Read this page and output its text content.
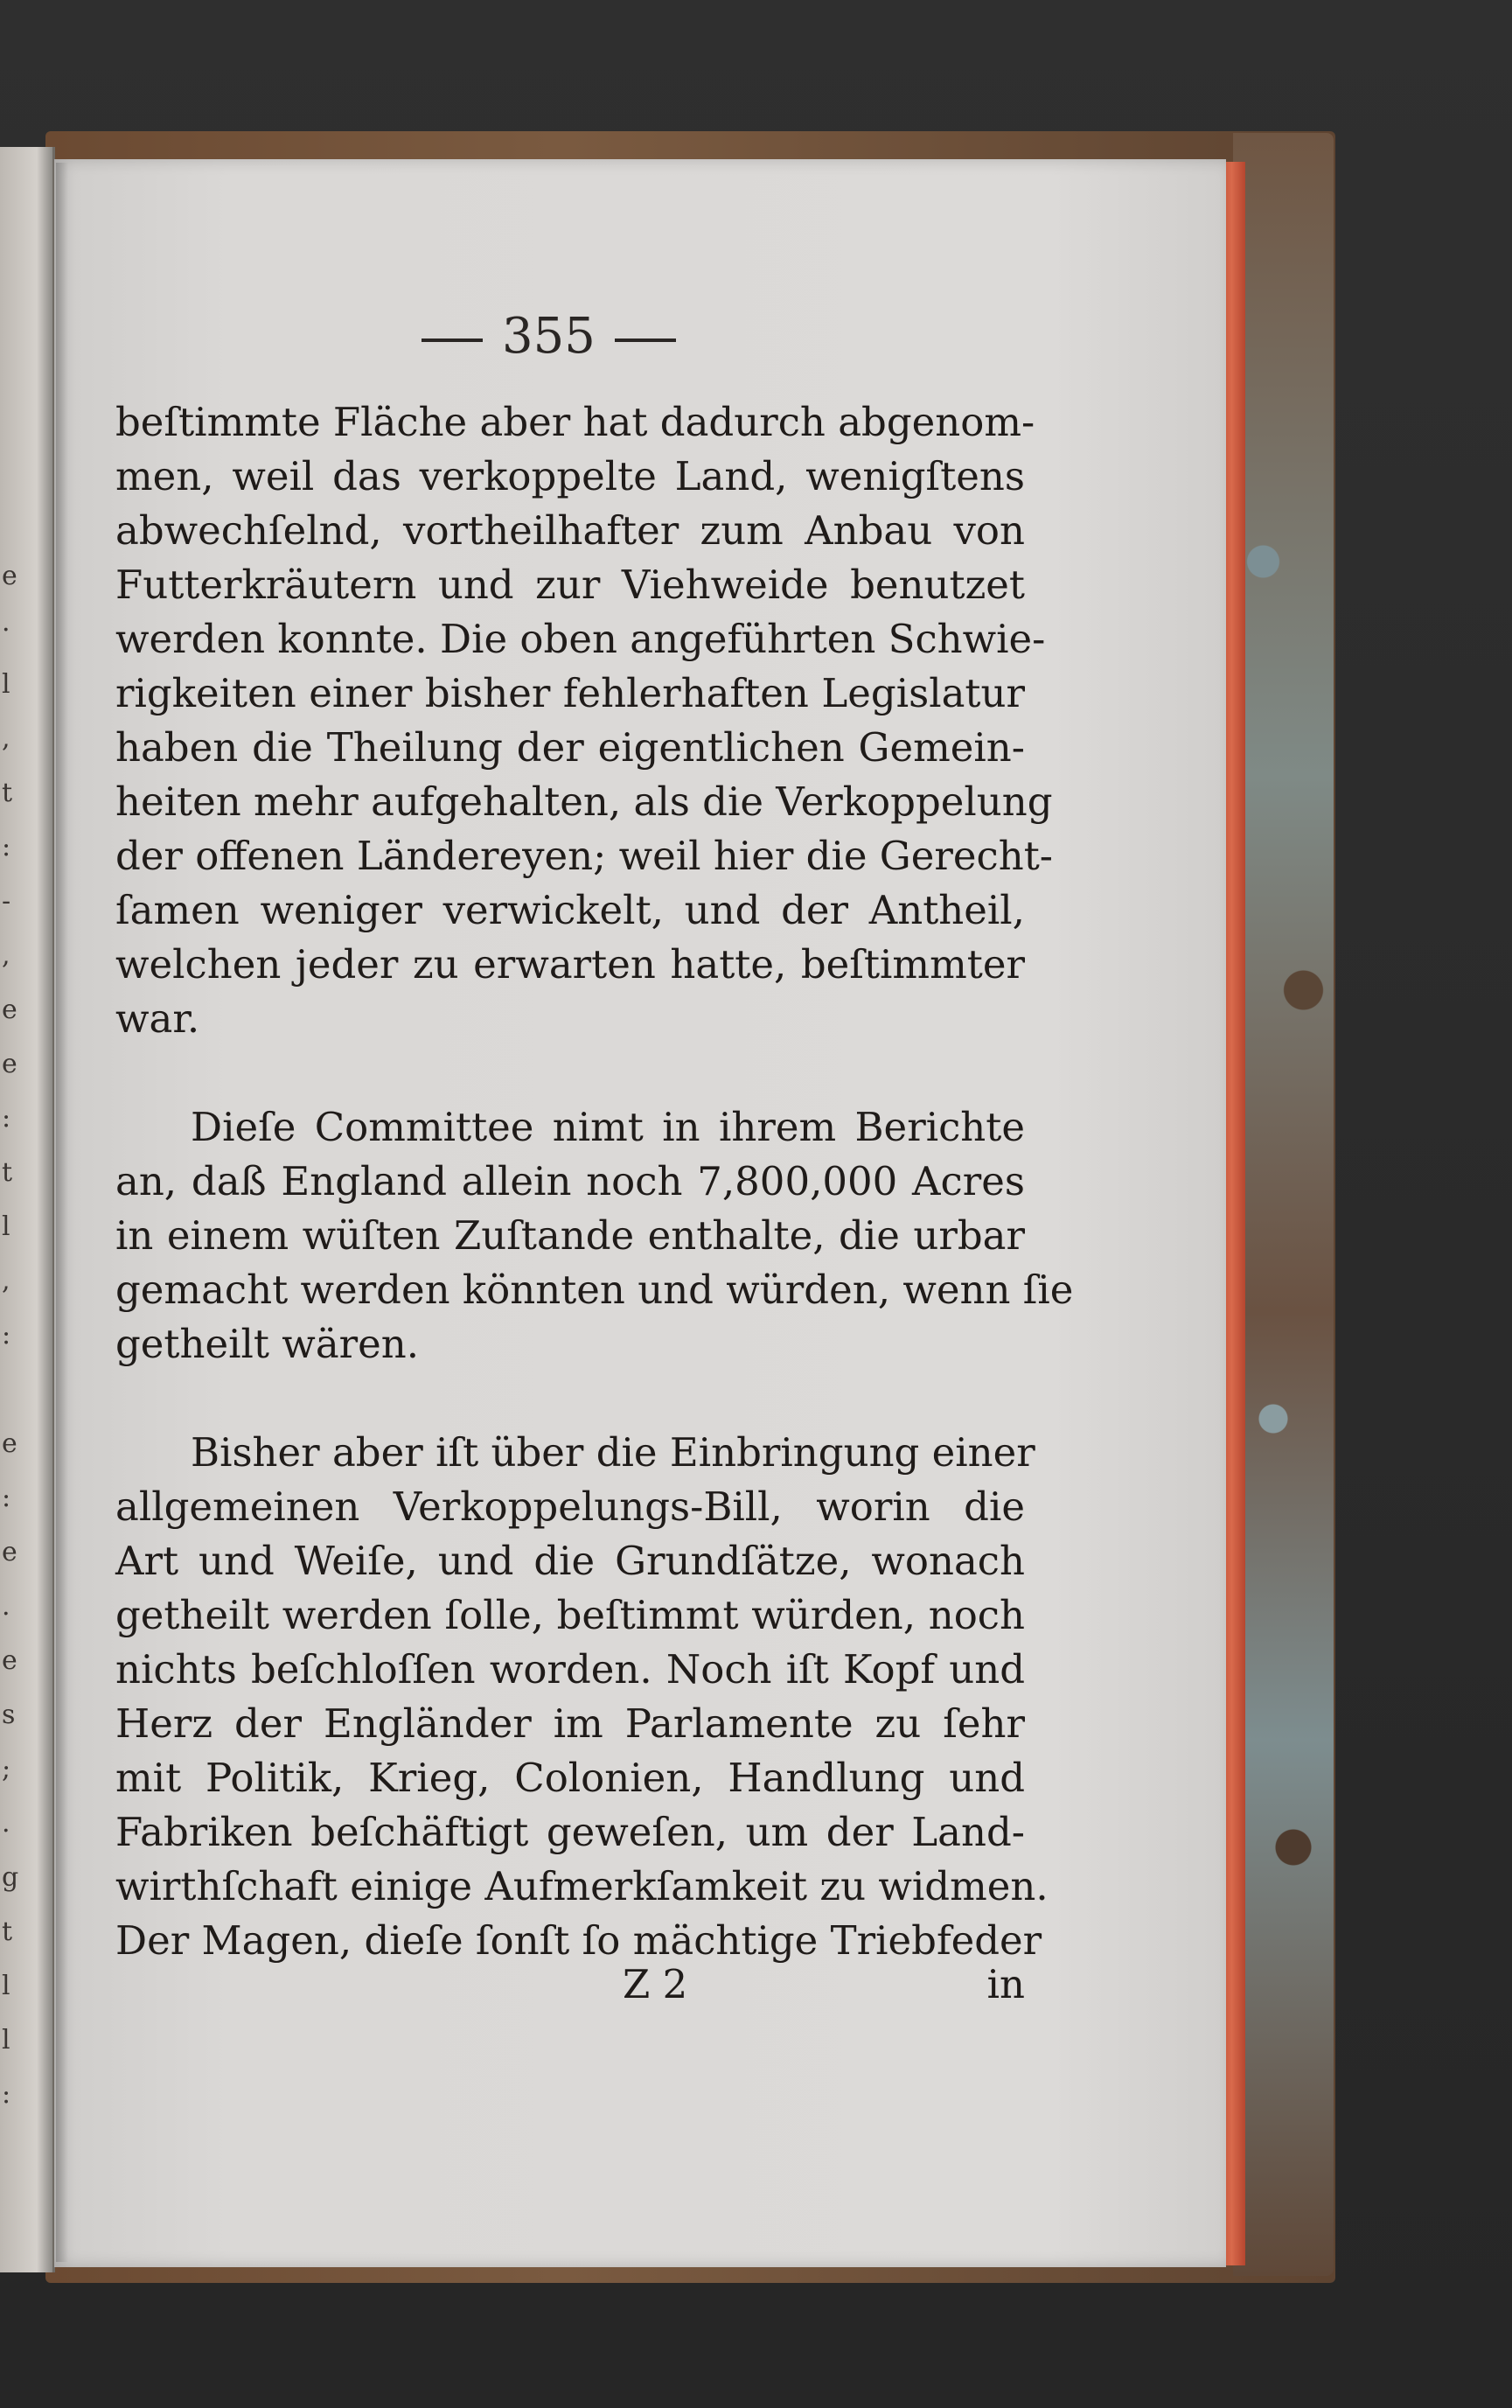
e
·
l
,
t
:
-
,
e
e
:
t
l
,
:
e
:
e
.
e
s
;
.
g
t
l
l
:
355
beſtimmte Fläche aber hat dadurch abgenom-
men, weil das verkoppelte Land, wenigſtens
abwechſelnd, vortheilhafter zum Anbau von
Futterkräutern und zur Viehweide benutzet
werden konnte. Die oben angeführten Schwie-
rigkeiten einer bisher fehlerhaften Legislatur
haben die Theilung der eigentlichen Gemein-
heiten mehr aufgehalten, als die Verkoppelung
der offenen Ländereyen; weil hier die Gerecht-
ſamen weniger verwickelt, und der Antheil,
welchen jeder zu erwarten hatte, beſtimmter
war.
Dieſe Committee nimt in ihrem Berichte
an, daß England allein noch 7,800,000 Acres
in einem wüſten Zuſtande enthalte, die urbar
gemacht werden könnten und würden, wenn ſie
getheilt wären.
Bisher aber iſt über die Einbringung einer
allgemeinen Verkoppelungs-Bill, worin die
Art und Weiſe, und die Grundſätze, wonach
getheilt werden ſolle, beſtimmt würden, noch
nichts beſchloſſen worden. Noch iſt Kopf und
Herz der Engländer im Parlamente zu ſehr
mit Politik, Krieg, Colonien, Handlung und
Fabriken beſchäftigt geweſen, um der Land-
wirthſchaft einige Aufmerkſamkeit zu widmen.
Der Magen, dieſe ſonſt ſo mächtige Triebfeder
Z 2	in
